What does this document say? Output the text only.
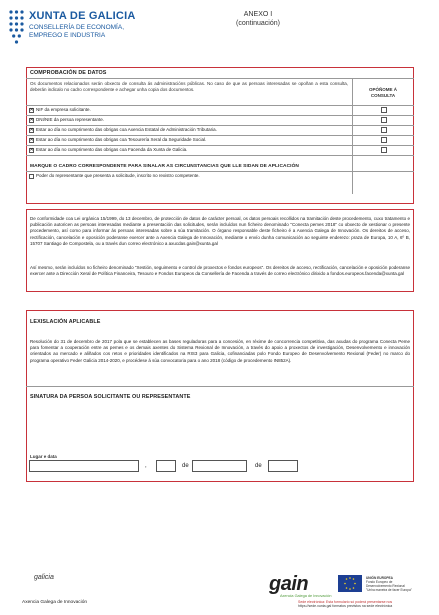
XUNTA DE GALICIA
CONSELLERÍA DE ECONOMÍA,
EMPREGO E INDUSTRIA
ANEXO I
(continuación)
COMPROBACIÓN DE DATOS
Os documentos relacionados serán obxecto de consulta ás administracións públicas. No caso de que as persoas interesadas se opoñan a esta consulta, deberán indicalo no cadro correspondente e achegar unha copia dos documentos.	OPÓÑOME Á
CONSULTA
✕
NIF da empresa solicitante.
✕
DNI/NIE da persoa representante.
✕
Estar ao día no cumprimento das obrigas coa Axencia Estatal de Administración Tributaria.
✕
Estar ao día no cumprimento das obrigas coa Tesourería Xeral da Seguridade Social.
✕
Estar ao día no cumprimento das obrigas coa Facenda da Xunta de Galicia.
MARQUE O CADRO CORRESPONDENTE PARA SINALAR AS CIRCUNSTANCIAS QUE LLE SIDAN DE APLICACIÓN
Poder do representante que presenta a solicitude, inscrito no rexistro competente.
De conformidade coa Lei orgánica 15/1999, do 13 decembro, de protección de datos de carácter persoal, os datos persoais recollidos na tramitación deste procedemento, cuxo tratamento e publicación autoricen as persoas interesadas mediante a presentación das solicitudes, serán incluídos nun ficheiro denominado "Conecta pemes 2018" co obxecto de xestionar o presente procedemento, así como para informar ás persoas interesadas sobre a súa tramitación. O órgano responsable deste ficheiro é a Axencia Galega de Innovación. Os dereitos de acceso, rectificación, cancelación e oposición poderanse exercer ante a Axencia Galega de Innovación, mediante o envío dunha comunicación ao seguinte enderezo: praza de Europa, 10 A, 6º B, 15707 Santiago de Compostela, ou a través dun correo electrónico a axucdas.gain@xunta.gal
Así mesmo, serán incluídos no ficheiro denominado "Xestión, seguimento e control de proxectos e fondos europeos". Os dereitos de acceso, rectificación, cancelación e oposición poderanse exercer ante a Dirección Xeral de Política Financeira, Tesouro e Fondos Europeos da Consellería de Facenda a través de correo electrónico dirixido a fondos.europeos.facenda@xunta.gal
LEXISLACIÓN APLICABLE
Resolución do 31 de decembro de 2017 pola que se establecen as bases reguladoras para a concesión, en réxime de concorrencia competitiva, das axudas do programa Conecta Peme para fomentar a cooperación entre as pemes e os demais axentes do Sistema Rexional de Innovación, a través do apoio a proxectos de investigación, Desenvolvemento e innovación orientados ao mercado e aliñados cos retos e prioridades identificados na RIS3 para Galicia, cofinanciadas polo Fondo Europeo de Desenvolvemento Rexional (Feder) no marco do programa operativo Feder Galicia 2014-2020, e procédese á súa convocatoria para o ano 2018 (código de procedemento IN852A).
SINATURA DA PERSOA SOLICITANTE OU REPRESENTANTE
Lugar e data
,	de	de
galicia
Axencia Galega de Innovación
gain
Axencia Galega de Innovación
UNIÓN EUROPEA
Fondo Europeo de
Desenvolvemento Rexional
"Unha maneira de facer Europa"
Sede electrónica: Esta formulario só poderá presentarse nos
https://sede.xunta.gal formatos previstos na sede electrónica
